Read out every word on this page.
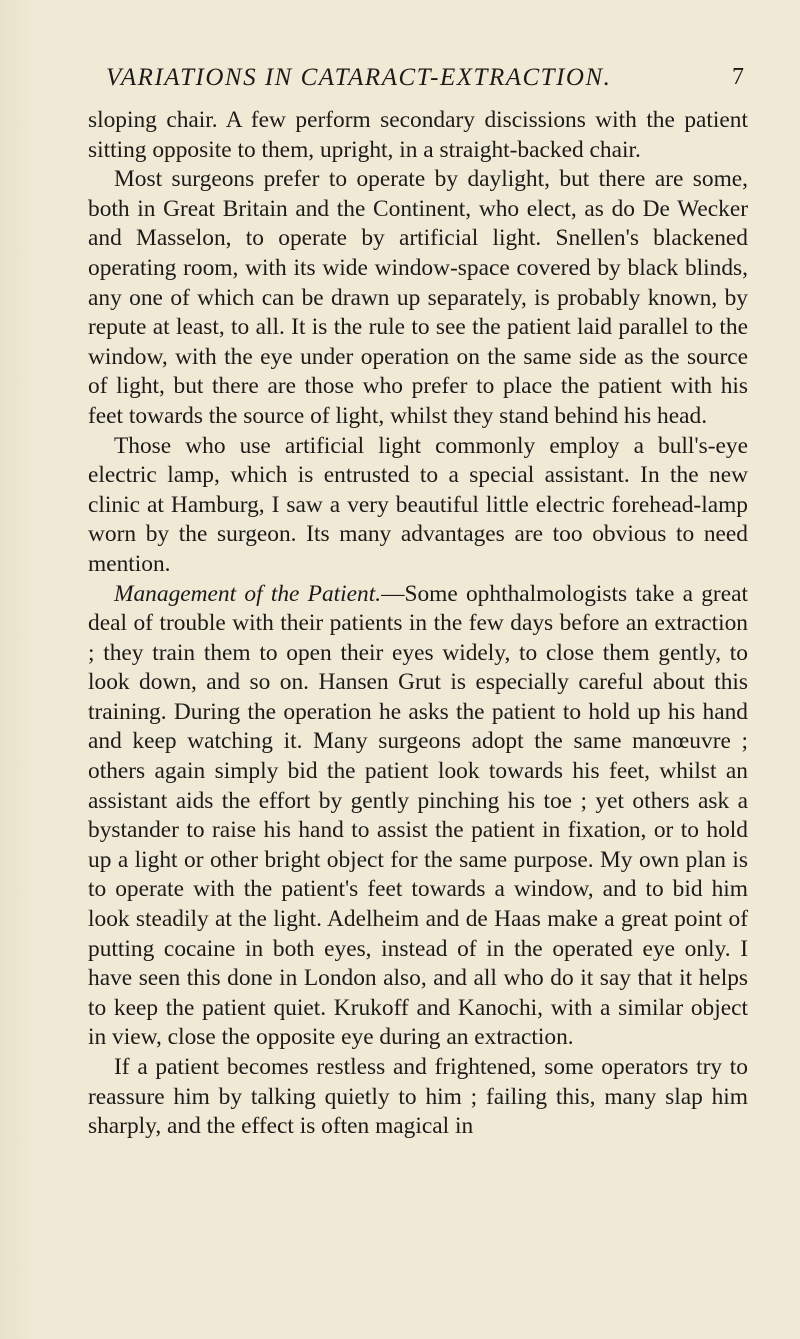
VARIATIONS IN CATARACT-EXTRACTION.	7

sloping chair. A few perform secondary discissions with the patient sitting opposite to them, upright, in a straight-backed chair.

Most surgeons prefer to operate by daylight, but there are some, both in Great Britain and the Continent, who elect, as do De Wecker and Masselon, to operate by artificial light. Snellen's blackened operating room, with its wide window-space covered by black blinds, any one of which can be drawn up separately, is probably known, by repute at least, to all. It is the rule to see the patient laid parallel to the window, with the eye under operation on the same side as the source of light, but there are those who prefer to place the patient with his feet towards the source of light, whilst they stand behind his head.

Those who use artificial light commonly employ a bull's-eye electric lamp, which is entrusted to a special assistant. In the new clinic at Hamburg, I saw a very beautiful little electric forehead-lamp worn by the surgeon. Its many advantages are too obvious to need mention.

Management of the Patient.—Some ophthalmologists take a great deal of trouble with their patients in the few days before an extraction ; they train them to open their eyes widely, to close them gently, to look down, and so on. Hansen Grut is especially careful about this training. During the operation he asks the patient to hold up his hand and keep watching it. Many surgeons adopt the same manœuvre ; others again simply bid the patient look towards his feet, whilst an assistant aids the effort by gently pinching his toe ; yet others ask a bystander to raise his hand to assist the patient in fixation, or to hold up a light or other bright object for the same purpose. My own plan is to operate with the patient's feet towards a window, and to bid him look steadily at the light. Adelheim and de Haas make a great point of putting cocaine in both eyes, instead of in the operated eye only. I have seen this done in London also, and all who do it say that it helps to keep the patient quiet. Krukoff and Kanochi, with a similar object in view, close the opposite eye during an extraction.

If a patient becomes restless and frightened, some operators try to reassure him by talking quietly to him ; failing this, many slap him sharply, and the effect is often magical in
